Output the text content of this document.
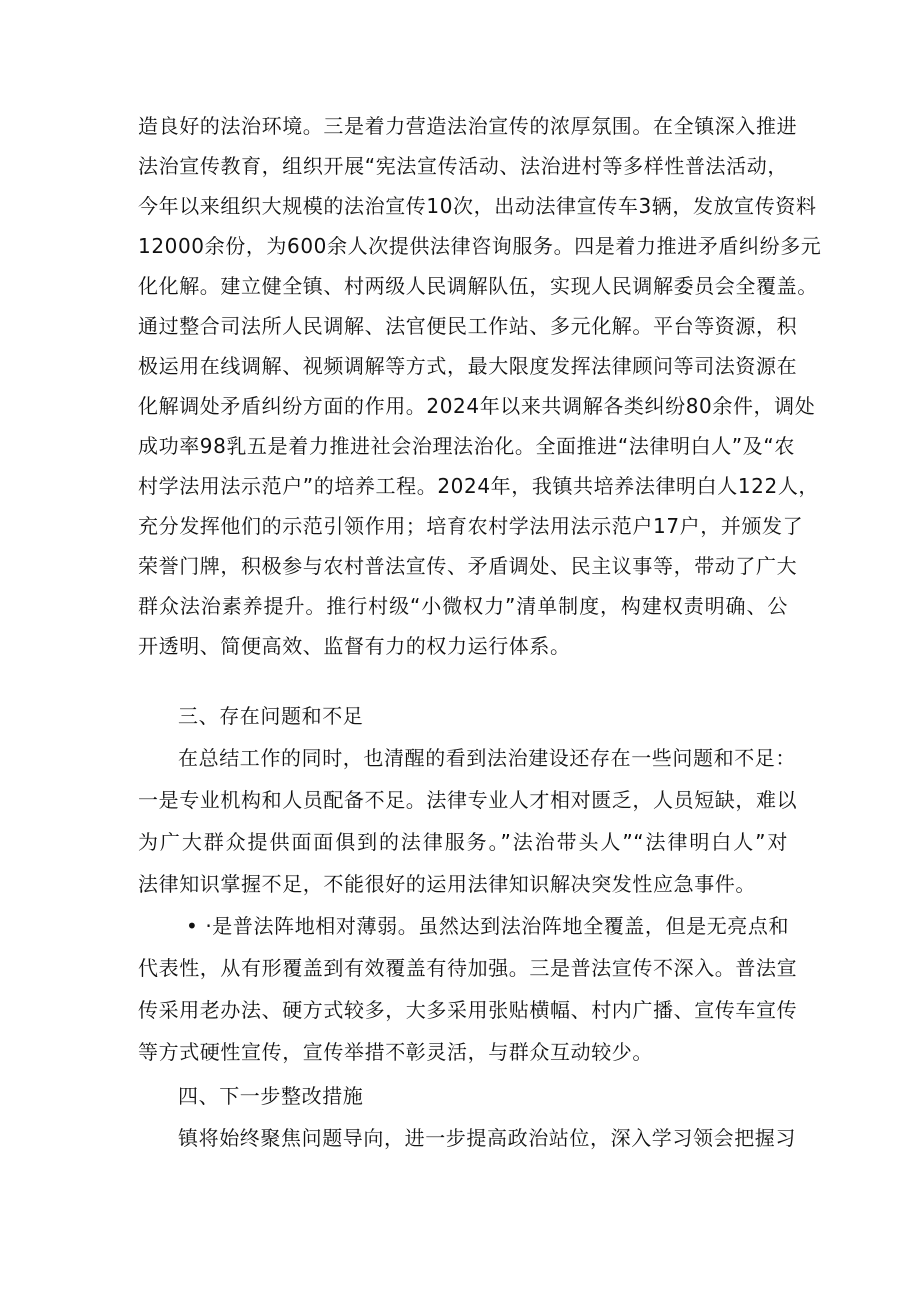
造良好的法治环境。三是着力营造法治宣传的浓厚氛围。在全镇深入推进
法治宣传教育，组织开展“宪法宣传活动、法治进村等多样性普法活动，
今年以来组织大规模的法治宣传10次，出动法律宣传车3辆，发放宣传资料
12000余份，为600余人次提供法律咨询服务。四是着力推进矛盾纠纷多元
化化解。建立健全镇、村两级人民调解队伍，实现人民调解委员会全覆盖。
通过整合司法所人民调解、法官便民工作站、多元化解。平台等资源，积
极运用在线调解、视频调解等方式，最大限度发挥法律顾问等司法资源在
化解调处矛盾纠纷方面的作用。2024年以来共调解各类纠纷80余件，调处
成功率98乳五是着力推进社会治理法治化。全面推进“法律明白人”及“农
村学法用法示范户”的培养工程。2024年，我镇共培养法律明白人122人，
充分发挥他们的示范引领作用；培育农村学法用法示范户17户，并颁发了
荣誉门牌，积极参与农村普法宣传、矛盾调处、民主议事等，带动了广大
群众法治素养提升。推行村级“小微权力”清单制度，构建权责明确、公
开透明、简便高效、监督有力的权力运行体系。
三、存在问题和不足
在总结工作的同时，也清醒的看到法治建设还存在一些问题和不足：
一是专业机构和人员配备不足。法律专业人才相对匮乏，人员短缺，难以
为广大群众提供面面俱到的法律服务。”法治带头人”“法律明白人”对
法律知识掌握不足，不能很好的运用法律知识解决突发性应急事件。
• ·是普法阵地相对薄弱。虽然达到法治阵地全覆盖，但是无亮点和
代表性，从有形覆盖到有效覆盖有待加强。三是普法宣传不深入。普法宣
传采用老办法、硬方式较多，大多采用张贴横幅、村内广播、宣传车宣传
等方式硬性宣传，宣传举措不彰灵活，与群众互动较少。
四、下一步整改措施
镇将始终聚焦问题导向，进一步提高政治站位，深入学习领会把握习
